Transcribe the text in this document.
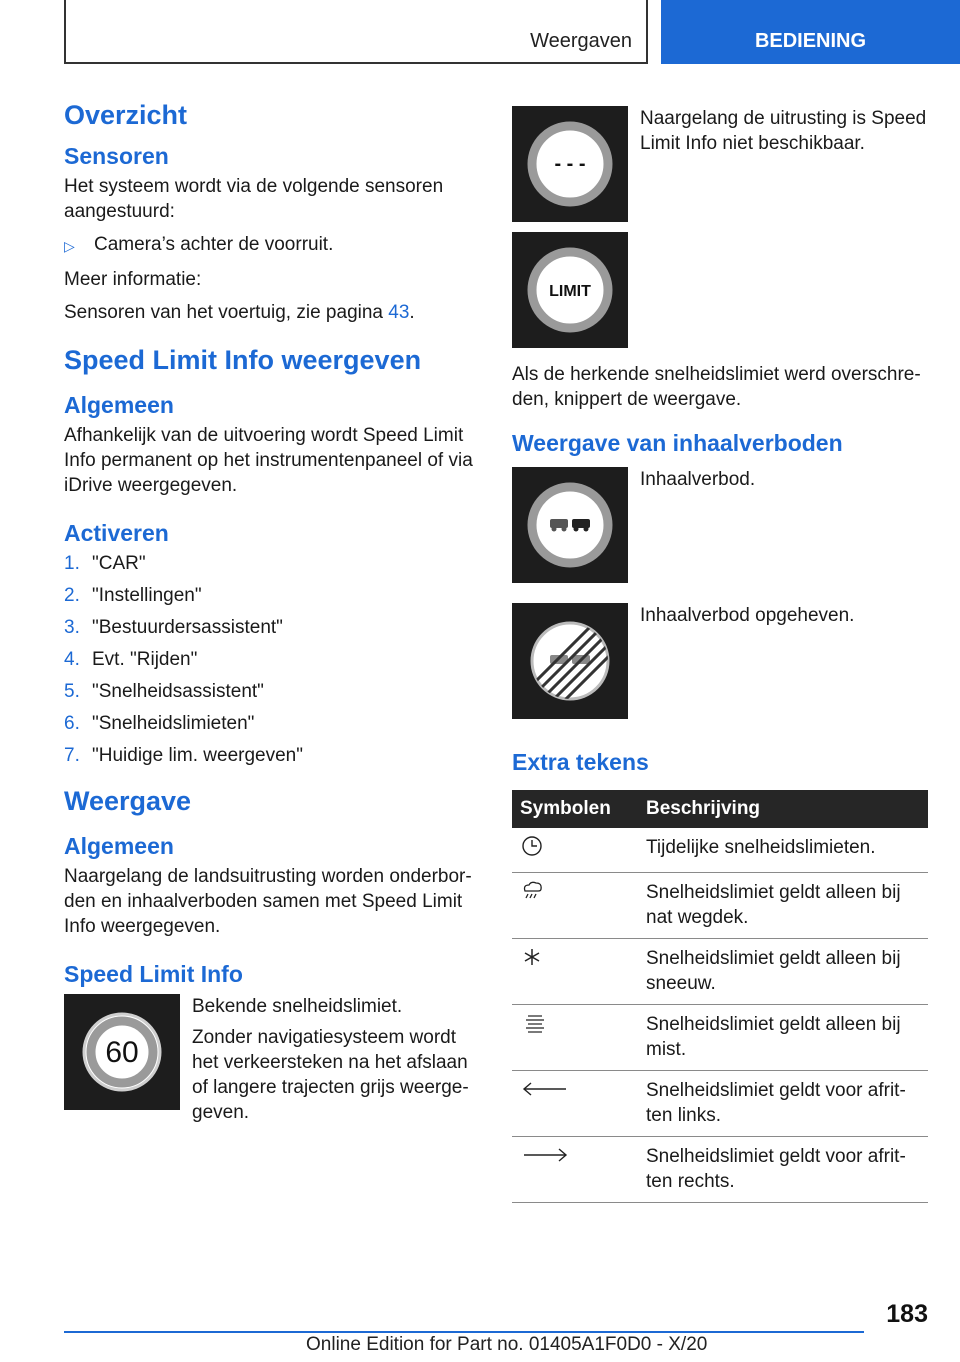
Weergaven	BEDIENING
Overzicht
Sensoren

Het systeem wordt via de volgende sensoren aangestuurd:

▷	Camera’s achter de voorruit.

Meer informatie:

Sensoren van het voertuig, zie pagina 43.

Speed Limit Info weergeven
Algemeen

Afhankelijk van de uitvoering wordt Speed Limit Info permanent op het instrumentenpaneel of via iDrive weergegeven.

Activeren
1. "CAR"
2. "Instellingen"
3. "Bestuurdersassistent"
4. Evt. "Rijden"
5. "Snelheidsassistent"
6. "Snelheidslimieten"
7. "Huidige lim. weergeven"
Weergave
Algemeen

Naargelang de landsuitrusting worden onderborden en inhaalverboden samen met Speed Limit Info weergegeven.

Speed Limit Info
60

Bekende snelheidslimiet.

Zonder navigatiesysteem wordt het verkeersteken na het afslaan of langere trajecten grijs weergegeven.

- - -

Naargelang de uitrusting is Speed Limit Info niet beschikbaar.

LIMIT

Als de herkende snelheidslimiet werd overschreden, knippert de weergave.

Weergave van inhaalverboden

Inhaalverbod.

Inhaalverbod opgeheven.

Extra tekens
Symbolen	Beschrijving
	Tijdelijke snelheidslimieten.
	Snelheidslimiet geldt alleen bij nat wegdek.
	Snelheidslimiet geldt alleen bij sneeuw.
	Snelheidslimiet geldt alleen bij mist.
	Snelheidslimiet geldt voor afritten links.
	Snelheidslimiet geldt voor afritten rechts.
183
Online Edition for Part no. 01405A1F0D0 - X/20
